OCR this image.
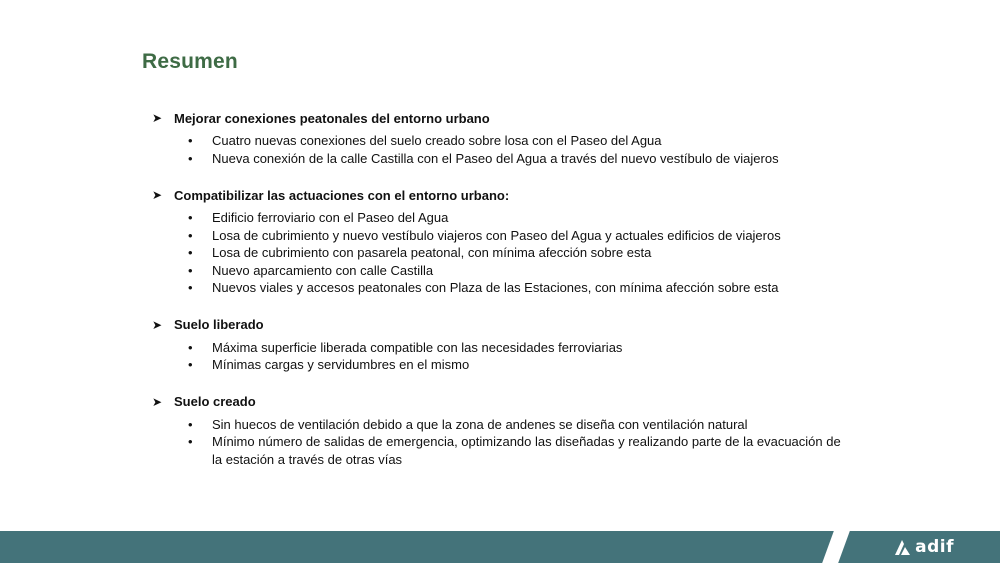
Resumen
➤ Mejorar conexiones peatonales del entorno urbano
• Cuatro nuevas conexiones del suelo creado sobre losa con el Paseo del Agua
• Nueva conexión de la calle Castilla con el Paseo del Agua a través del nuevo vestíbulo de viajeros
➤ Compatibilizar las actuaciones con el entorno urbano:
• Edificio ferroviario con el Paseo del Agua
• Losa de cubrimiento y nuevo vestíbulo viajeros con Paseo del Agua y actuales edificios de viajeros
• Losa de cubrimiento con pasarela peatonal, con mínima afección sobre esta
• Nuevo aparcamiento con calle Castilla
• Nuevos viales y accesos peatonales con Plaza de las Estaciones, con mínima afección sobre esta
➤ Suelo liberado
• Máxima superficie liberada compatible con las necesidades ferroviarias
• Mínimas cargas y servidumbres en el mismo
➤ Suelo creado
• Sin huecos de ventilación debido a que la zona de andenes se diseña con ventilación natural
• Mínimo número de salidas de emergencia, optimizando las diseñadas y realizando parte de la evacuación de la estación a través de otras vías
adif
